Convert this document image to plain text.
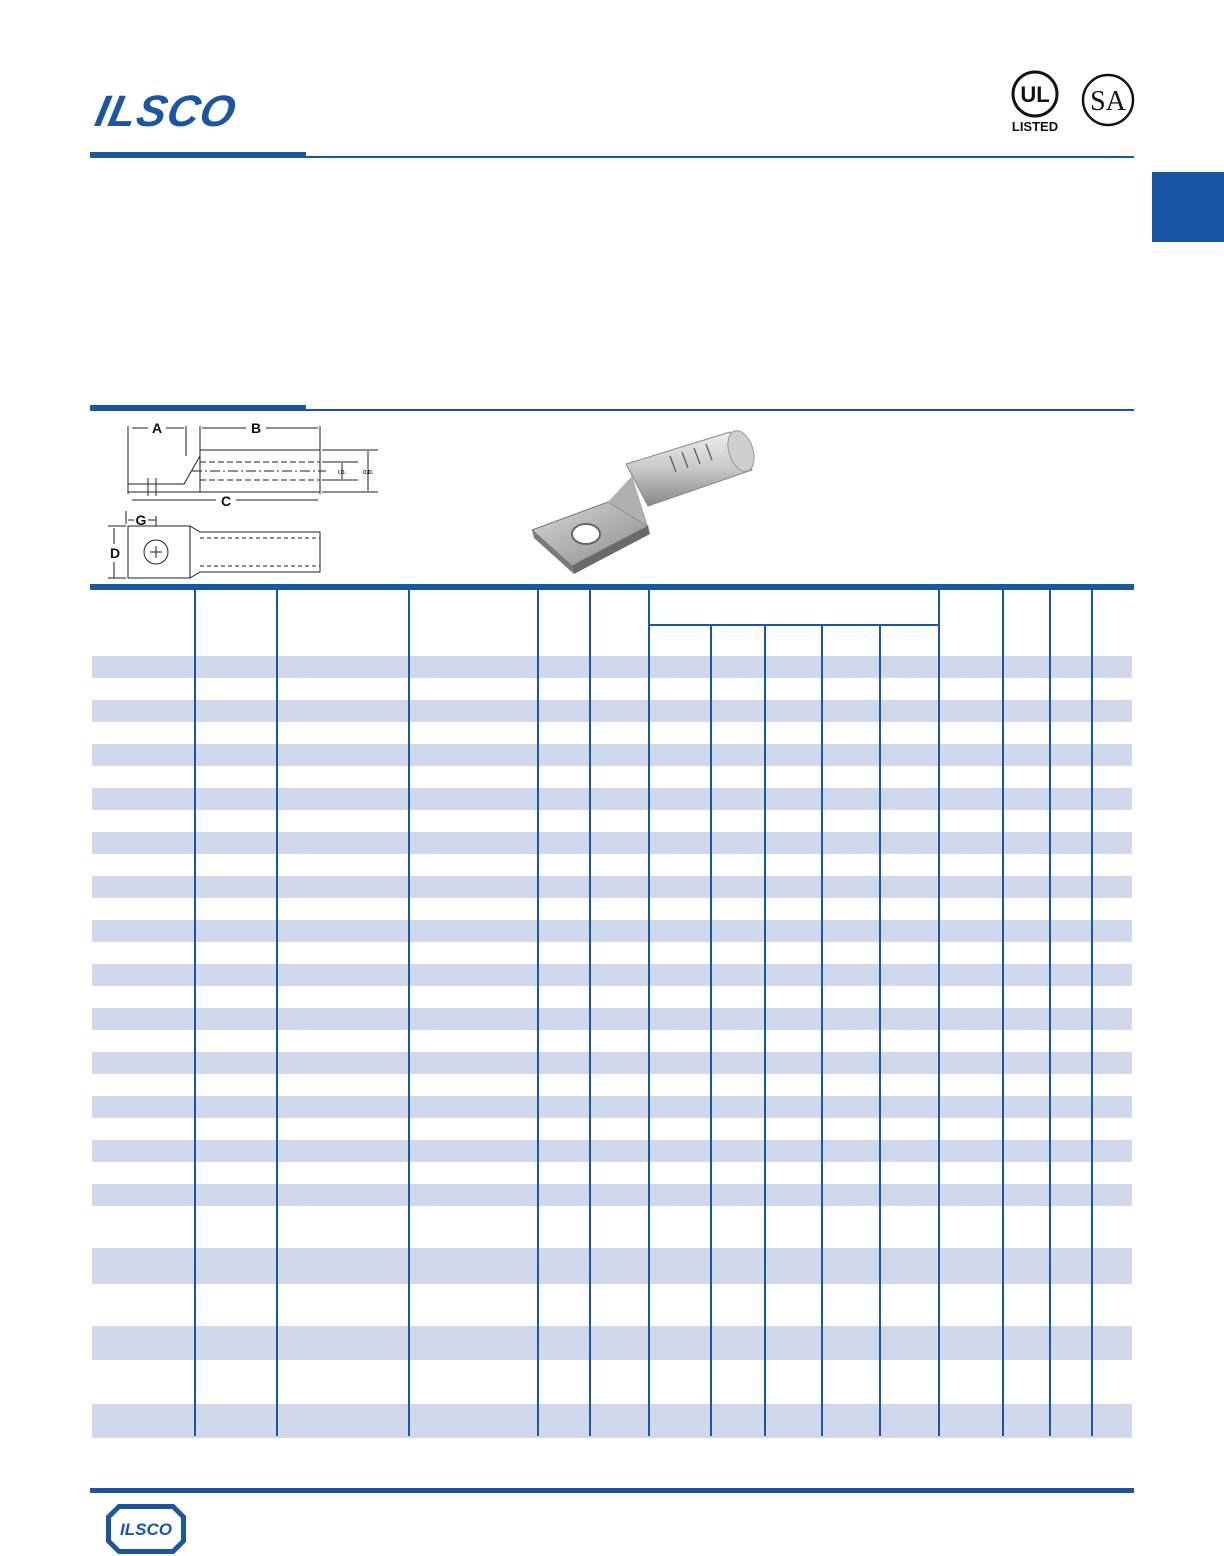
ILSCO	UL
LISTED
SA
A	B
C
G
D
I.D.	O.D.
ILSCO
